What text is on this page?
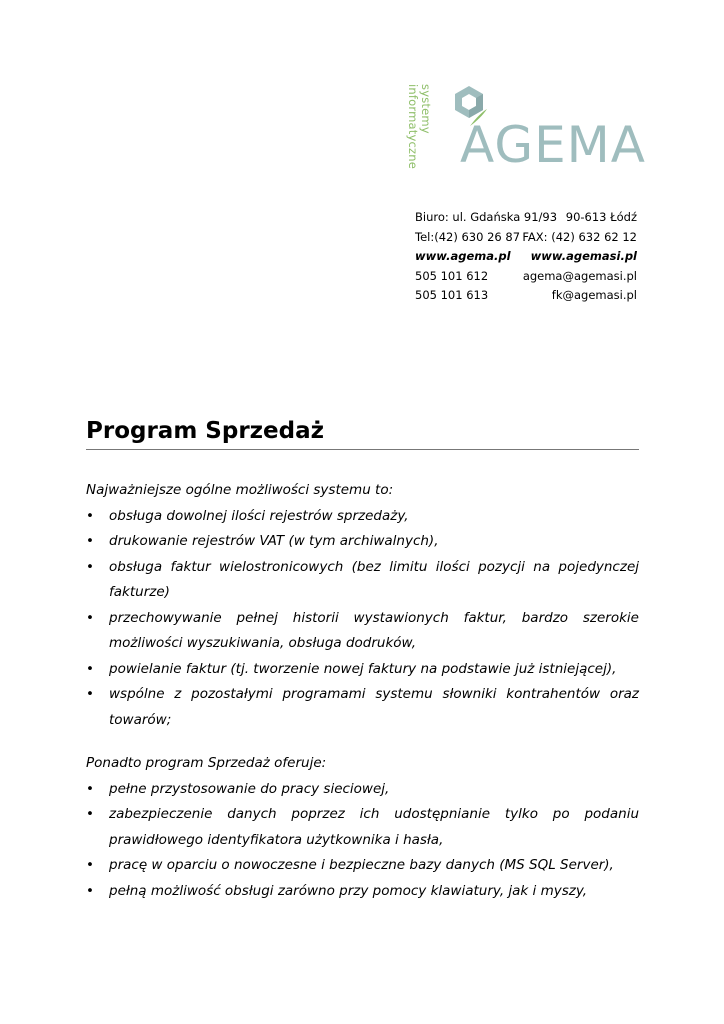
systemy
informatyczne AGEMA
Biuro: ul. Gdańska 91/93 90-613 Łódź
Tel:(42) 630 26 87 FAX: (42) 632 62 12
www.agema.pl www.agemasi.pl
505 101 612	agema@agemasi.pl
505 101 613	fk@agemasi.pl
Program Sprzedaż

Najważniejsze ogólne możliwości systemu to:

• obsługa dowolnej ilości rejestrów sprzedaży,
• drukowanie rejestrów VAT (w tym archiwalnych),
• obsługa faktur wielostronicowych (bez limitu ilości pozycji na pojedynczej fakturze)
• przechowywanie pełnej historii wystawionych faktur, bardzo szerokie możliwości wyszukiwania, obsługa dodruków,
• powielanie faktur (tj. tworzenie nowej faktury na podstawie już istniejącej),
• wspólne z pozostałymi programami systemu słowniki kontrahentów oraz towarów;

Ponadto program Sprzedaż oferuje:

• pełne przystosowanie do pracy sieciowej,
• zabezpieczenie danych poprzez ich udostępnianie tylko po podaniu prawidłowego identyfikatora użytkownika i hasła,
• pracę w oparciu o nowoczesne i bezpieczne bazy danych (MS SQL Server),
• pełną możliwość obsługi zarówno przy pomocy klawiatury, jak i myszy,
